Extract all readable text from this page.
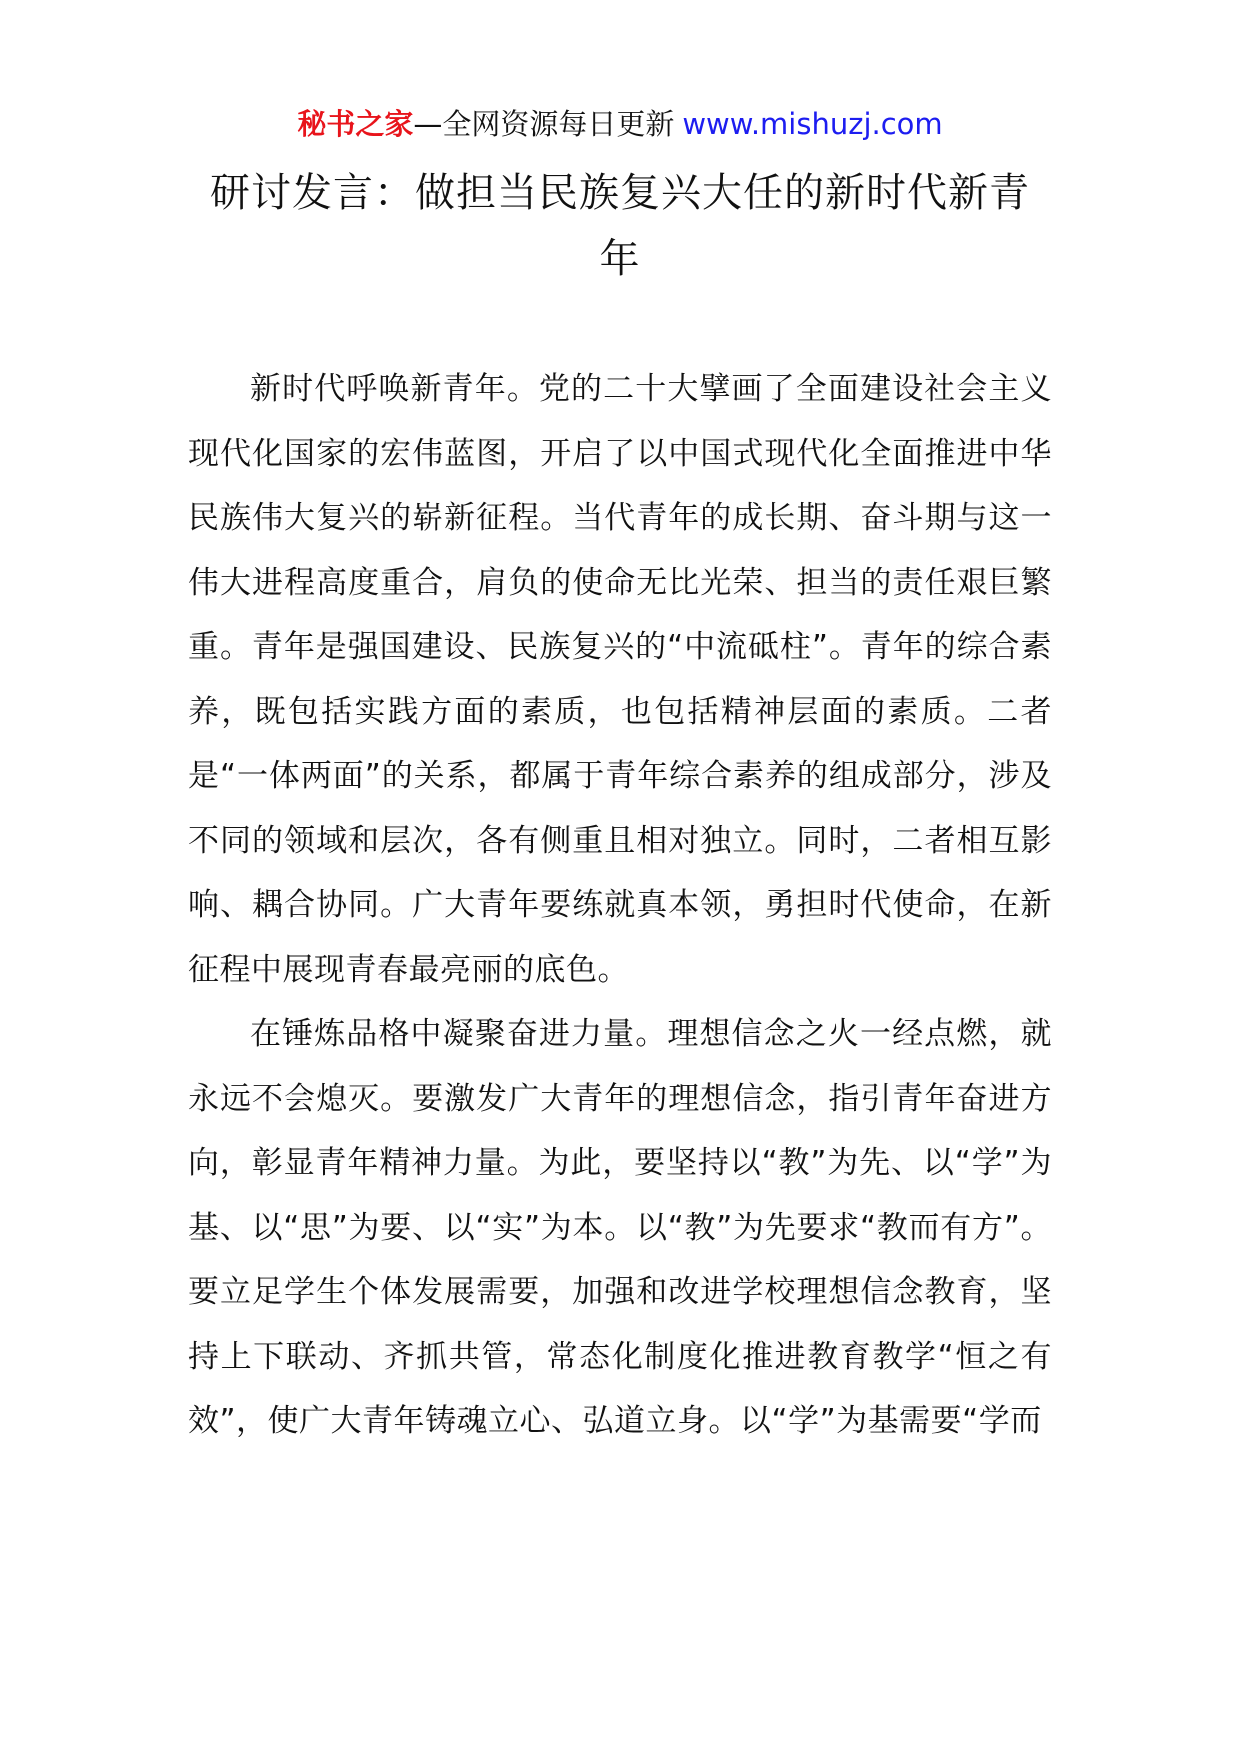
秘书之家—全网资源每日更新 www.mishuzj.com
研讨发言：做担当民族复兴大任的新时代新青年

新时代呼唤新青年。党的二十大擘画了全面建设社会主义现代化国家的宏伟蓝图，开启了以中国式现代化全面推进中华民族伟大复兴的崭新征程。当代青年的成长期、奋斗期与这一伟大进程高度重合，肩负的使命无比光荣、担当的责任艰巨繁重。青年是强国建设、民族复兴的“中流砥柱”。青年的综合素养，既包括实践方面的素质，也包括精神层面的素质。二者是“一体两面”的关系，都属于青年综合素养的组成部分，涉及不同的领域和层次，各有侧重且相对独立。同时，二者相互影响、耦合协同。广大青年要练就真本领，勇担时代使命，在新征程中展现青春最亮丽的底色。

在锤炼品格中凝聚奋进力量。理想信念之火一经点燃，就永远不会熄灭。要激发广大青年的理想信念，指引青年奋进方向，彰显青年精神力量。为此，要坚持以“教”为先、以“学”为基、以“思”为要、以“实”为本。以“教”为先要求“教而有方”。要立足学生个体发展需要，加强和改进学校理想信念教育，坚持上下联动、齐抓共管，常态化制度化推进教育教学“恒之有效”，使广大青年铸魂立心、弘道立身。以“学”为基需要“学而
